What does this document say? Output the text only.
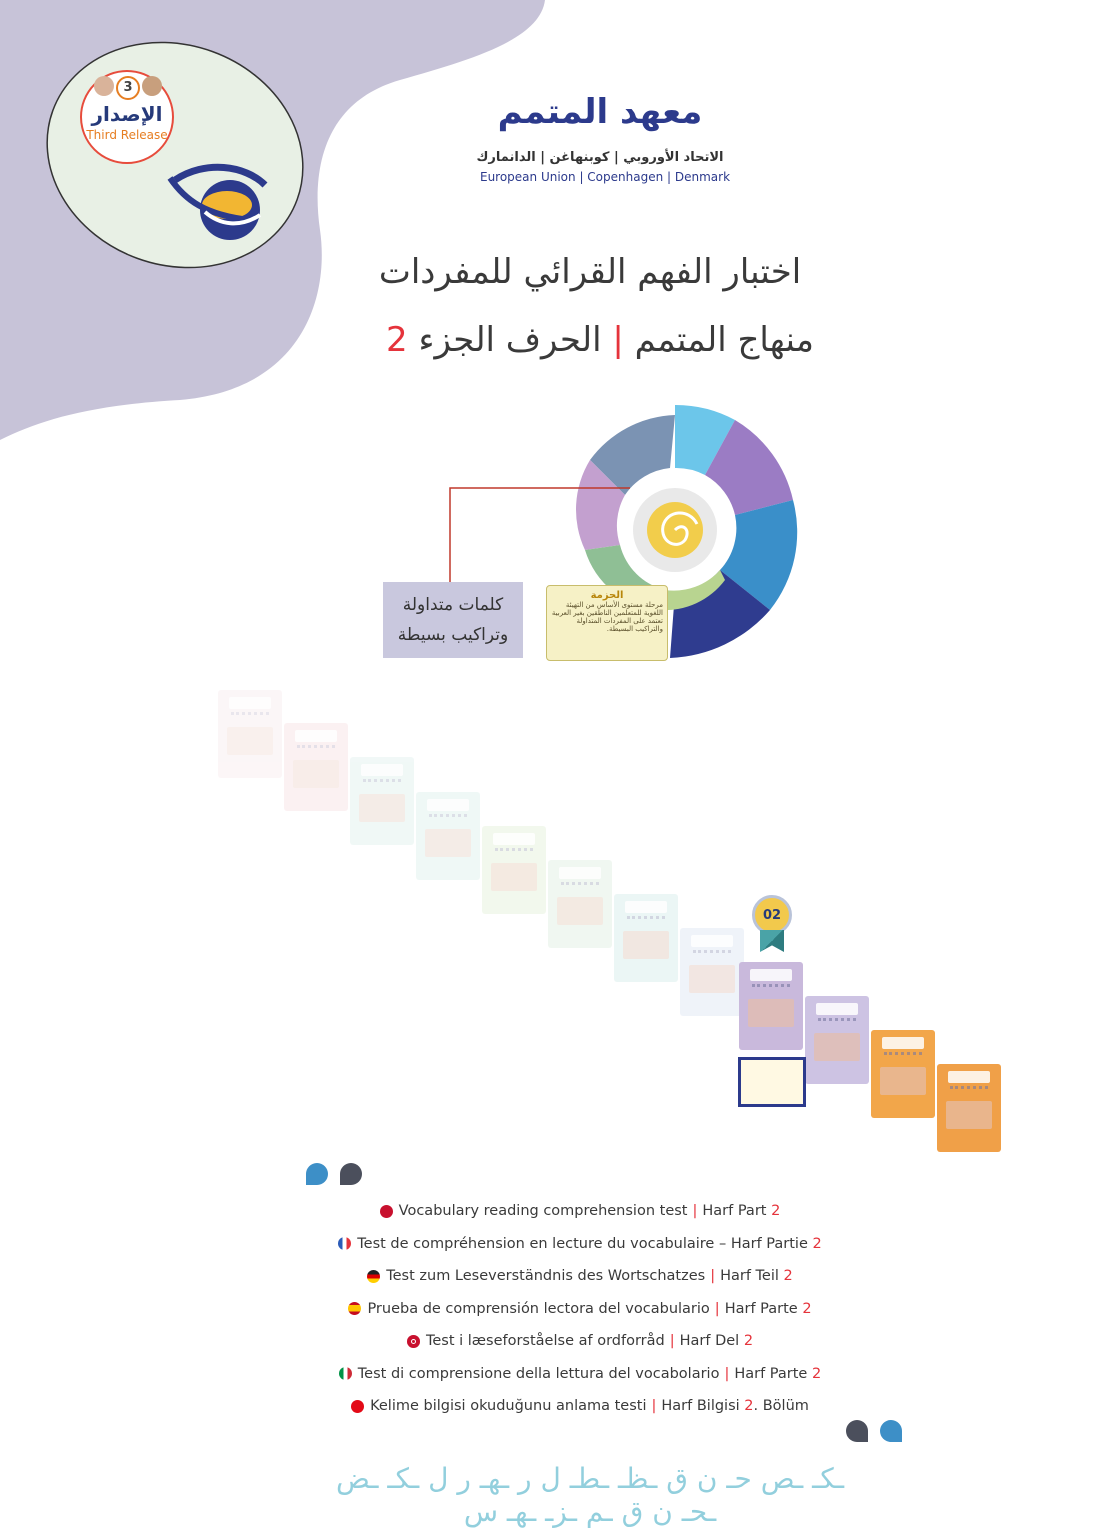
3
الإصدار
Third Release
معهد المتمم
الاتحاد الأوروبي | كوبنهاغن | الدانمارك
European Union | Copenhagen | Denmark
اختبار الفهم القرائي للمفردات
منهاج المتمم | الحرف الجزء 2
كلمات متداولة
وتراكيب بسيطة
الحزمة
مرحلة مستوى الأساس من التهيئة اللغوية للمتعلمين الناطقين بغير العربية تعتمد على المفردات المتداولة والتراكيب البسيطة.
02
Vocabulary reading comprehension test | Harf Part
2
Test de compréhension en lecture du vocabulaire – Harf Partie
2
Test zum Leseverständnis des Wortschatzes | Harf Teil
2
Prueba de comprensión lectora del vocabulario | Harf Parte
2
Test i læseforståelse af ordforråd | Harf Del
2
Test di comprensione della lettura del vocabolario | Harf Parte
2
Kelime bilgisi okuduğunu anlama testi | Harf Bilgisi
2 . Bölüm
ـكـ ـص حـ ن ق ـظـ ـطـ ل ر ـهـ ر ل ـكـ ـض ـحـ ن ق ـم ـزـ ـهـ س
